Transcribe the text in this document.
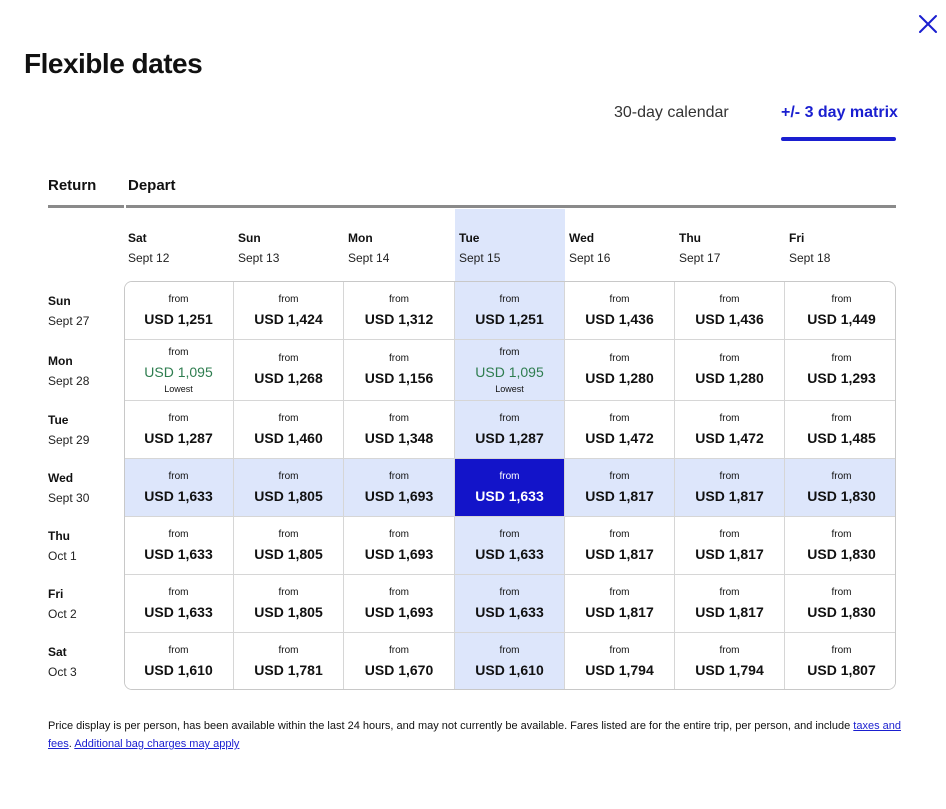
Flexible dates
30-day calendar	+/- 3 day matrix
Return Depart
Sat
Sept 12
Sun
Sept 13
Mon
Sept 14
Tue
Sept 15
Wed
Sept 16
Thu
Sept 17
Fri
Sept 18
Sun
Sept 27
Mon
Sept 28
Tue
Sept 29
Wed
Sept 30
Thu
Oct 1
Fri
Oct 2
Sat
Oct 3
from
USD 1,251
from
USD 1,424
from
USD 1,312
from
USD 1,251
from
USD 1,436
from
USD 1,436
from
USD 1,449
from
USD 1,095
Lowest
from
USD 1,268
from
USD 1,156
from
USD 1,095
Lowest
from
USD 1,280
from
USD 1,280
from
USD 1,293
from
USD 1,287
from
USD 1,460
from
USD 1,348
from
USD 1,287
from
USD 1,472
from
USD 1,472
from
USD 1,485
from
USD 1,633
from
USD 1,805
from
USD 1,693
from
USD 1,633
from
USD 1,817
from
USD 1,817
from
USD 1,830
from
USD 1,633
from
USD 1,805
from
USD 1,693
from
USD 1,633
from
USD 1,817
from
USD 1,817
from
USD 1,830
from
USD 1,633
from
USD 1,805
from
USD 1,693
from
USD 1,633
from
USD 1,817
from
USD 1,817
from
USD 1,830
from
USD 1,610
from
USD 1,781
from
USD 1,670
from
USD 1,610
from
USD 1,794
from
USD 1,794
from
USD 1,807
Price display is per person, has been available within the last 24 hours, and may not currently be available. Fares listed are for the entire trip, per person, and include taxes and fees. Additional bag charges may apply
